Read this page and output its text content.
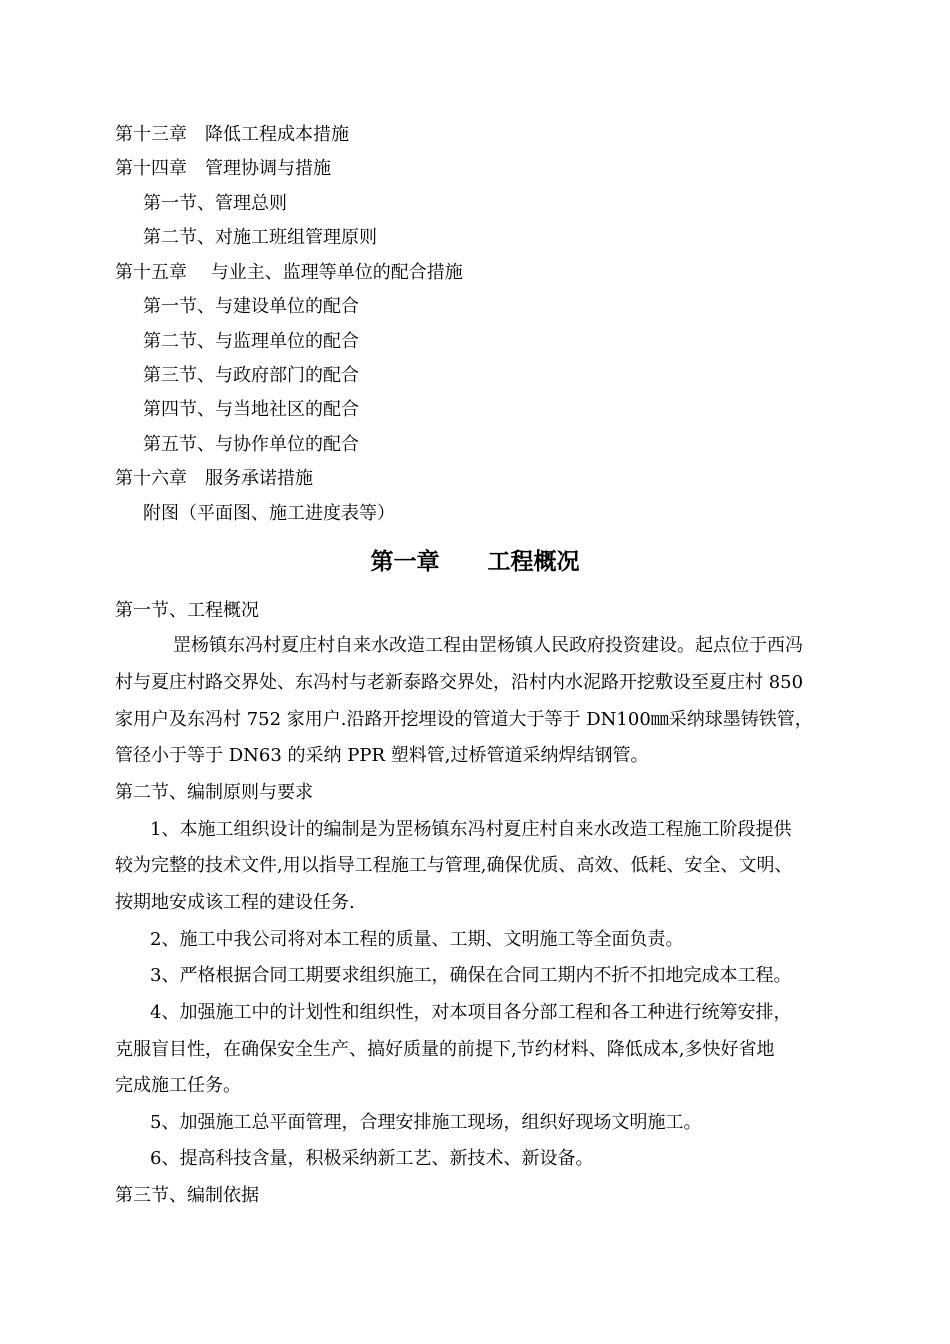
第十三章　降低工程成本措施
第十四章　管理协调与措施
第一节、管理总则
第二节、对施工班组管理原则
第十五章　 与业主、监理等单位的配合措施
第一节、与建设单位的配合
第二节、与监理单位的配合
第三节、与政府部门的配合
第四节、与当地社区的配合
第五节、与协作单位的配合
第十六章　服务承诺措施
附图（平面图、施工进度表等）
第一章      工程概况
第一节、工程概况
罡杨镇东冯村夏庄村自来水改造工程由罡杨镇人民政府投资建设。起点位于西冯
村与夏庄村路交界处、东冯村与老新泰路交界处，沿村内水泥路开挖敷设至夏庄村 850
家用户及东冯村 752 家用户.沿路开挖埋设的管道大于等于 DN100㎜采纳球墨铸铁管，
管径小于等于 DN63 的采纳 PPR 塑料管,过桥管道采纳焊结钢管。
第二节、编制原则与要求
1、本施工组织设计的编制是为罡杨镇东冯村夏庄村自来水改造工程施工阶段提供
较为完整的技术文件,用以指导工程施工与管理,确保优质、高效、低耗、安全、文明、
按期地安成该工程的建设任务.
2、施工中我公司将对本工程的质量、工期、文明施工等全面负责。
3、严格根据合同工期要求组织施工，确保在合同工期内不折不扣地完成本工程。
4、加强施工中的计划性和组织性，对本项目各分部工程和各工种进行统筹安排，
克服盲目性，在确保安全生产、搞好质量的前提下,节约材料、降低成本,多快好省地
完成施工任务。
5、加强施工总平面管理，合理安排施工现场，组织好现场文明施工。
6、提高科技含量，积极采纳新工艺、新技术、新设备。
第三节、编制依据
